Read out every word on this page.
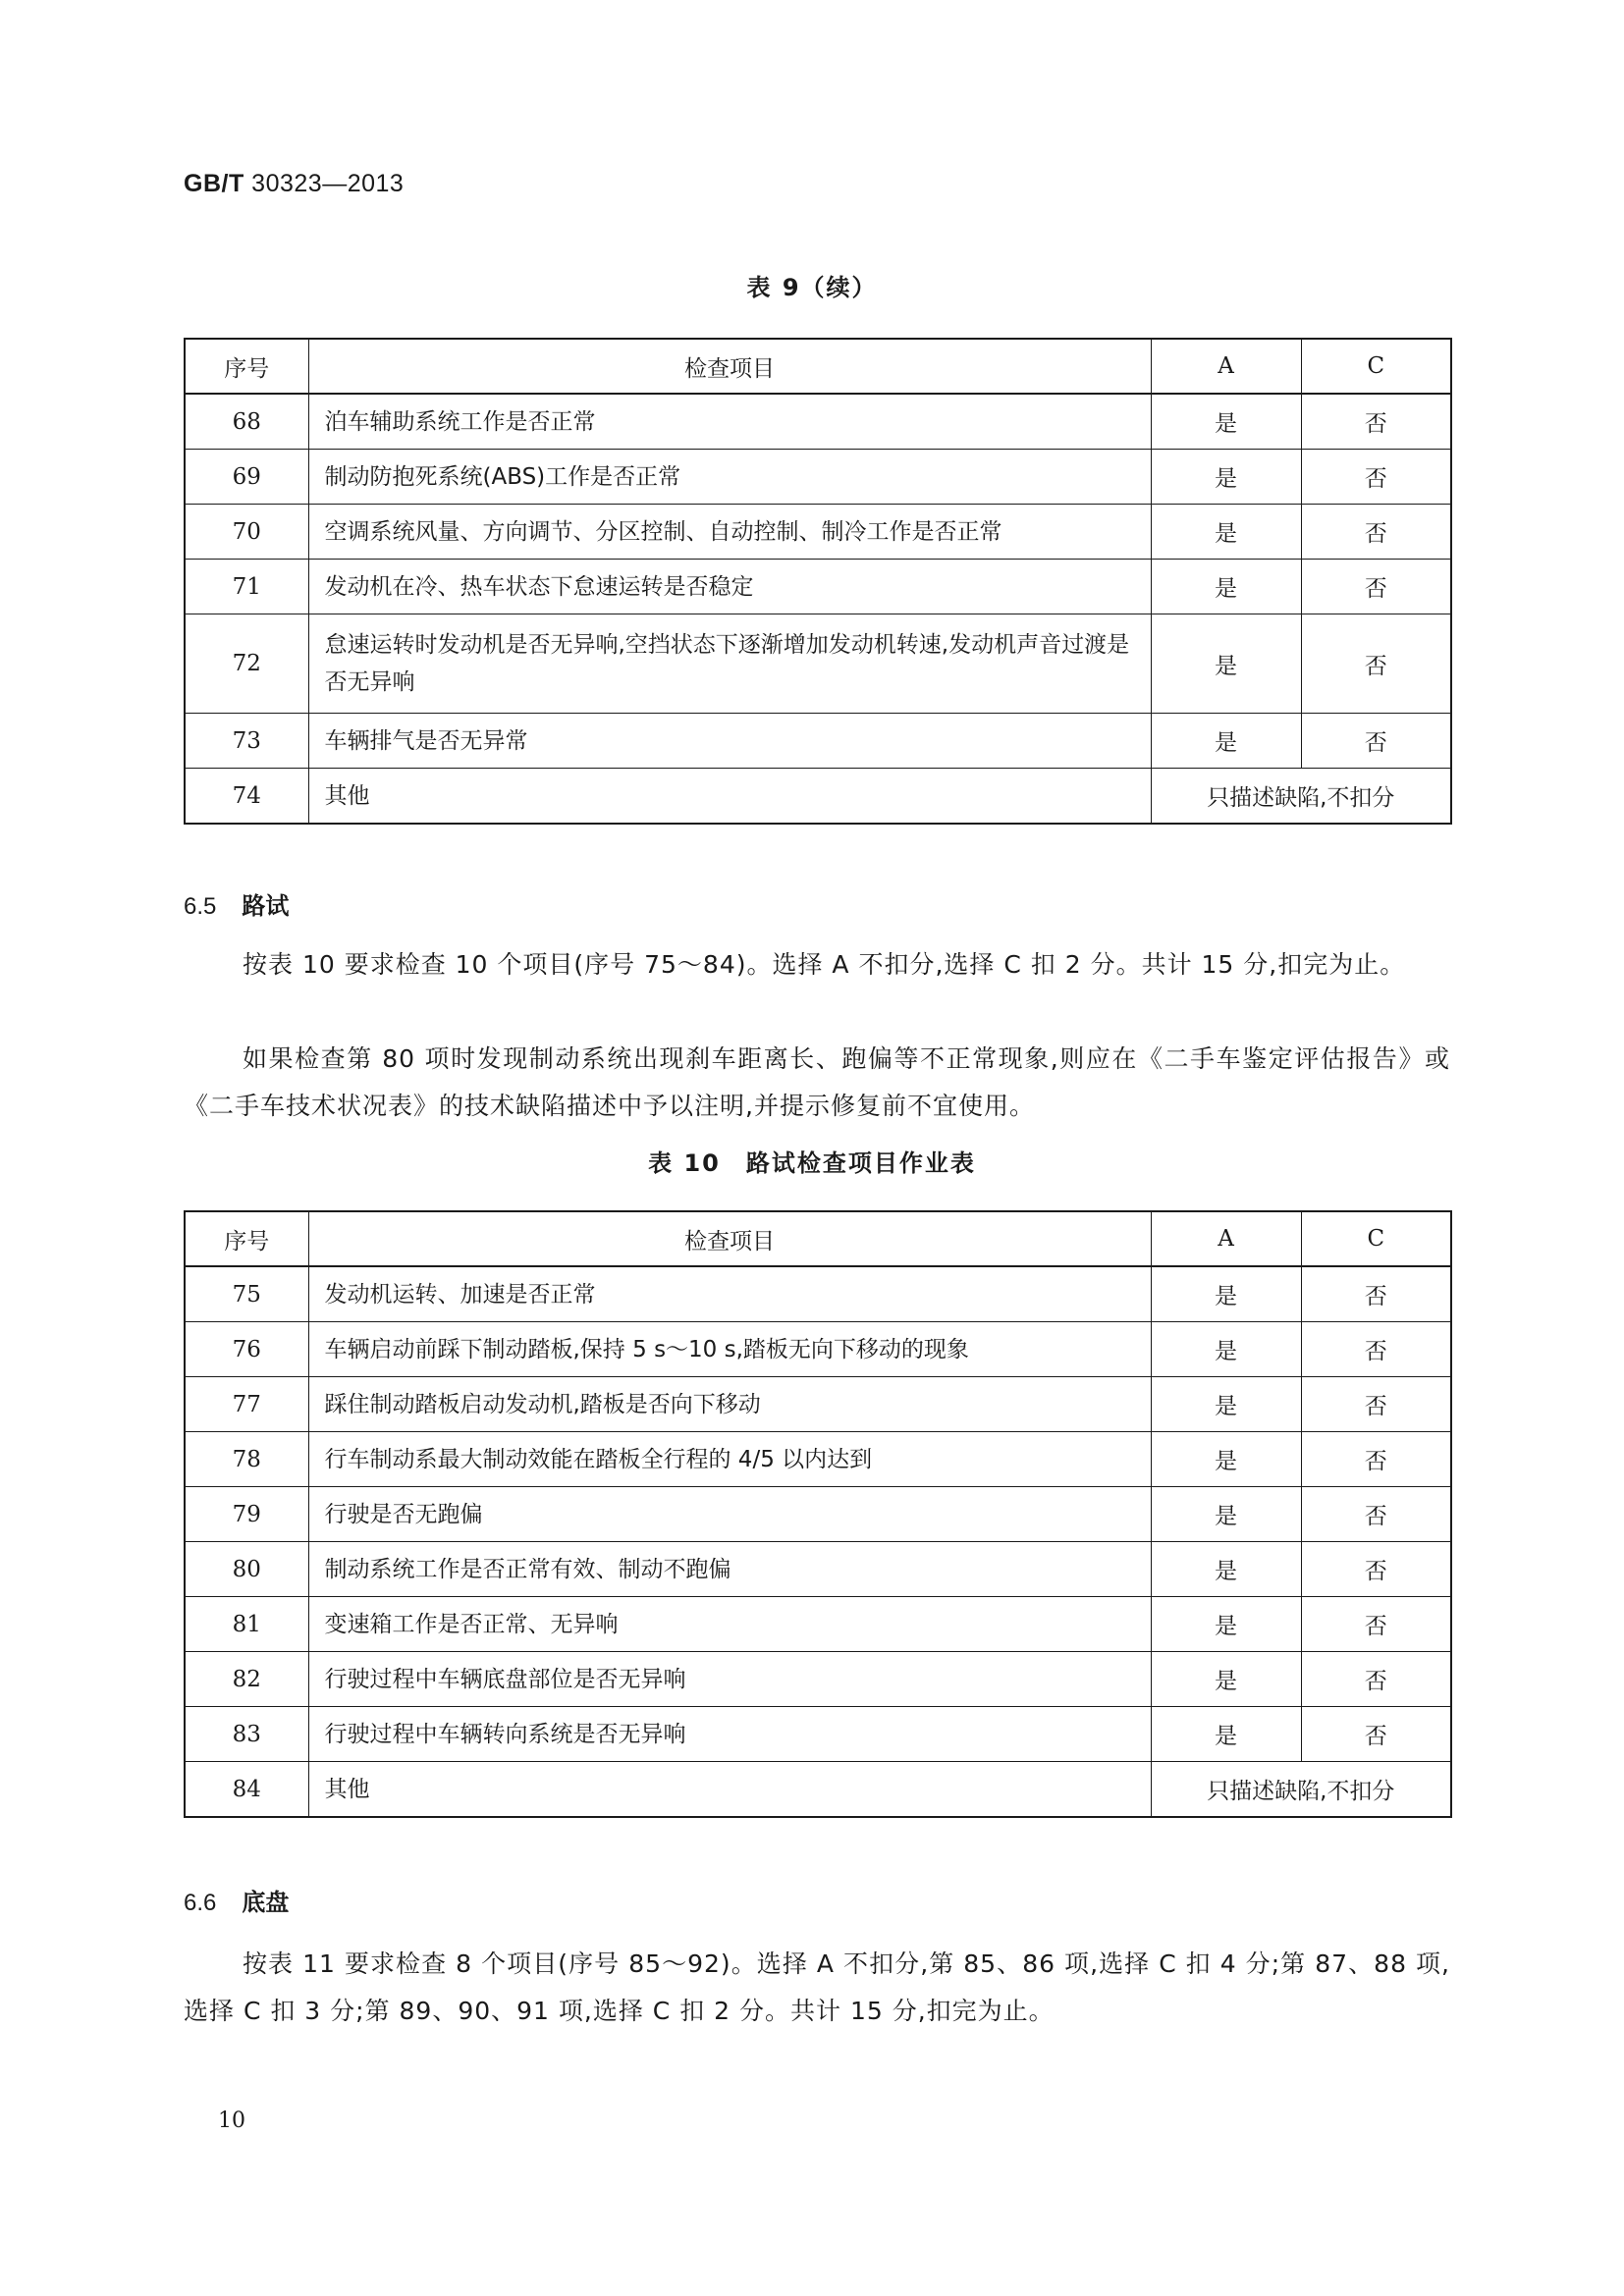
GB/T 30323—2013
表 9（续）
序号	检查项目	A	C
68	泊车辅助系统工作是否正常	是	否
69	制动防抱死系统(ABS)工作是否正常	是	否
70	空调系统风量、方向调节、分区控制、自动控制、制冷工作是否正常	是	否
71	发动机在冷、热车状态下怠速运转是否稳定	是	否
72	怠速运转时发动机是否无异响,空挡状态下逐渐增加发动机转速,发动机声音过渡是否无异响	是	否
73	车辆排气是否无异常	是	否
74	其他	只描述缺陷,不扣分	
6.5 路试
按表 10 要求检查 10 个项目(序号 75～84)。选择 A 不扣分,选择 C 扣 2 分。共计 15 分,扣完为止。
如果检查第 80 项时发现制动系统出现刹车距离长、跑偏等不正常现象,则应在《二手车鉴定评估报告》或《二手车技术状况表》的技术缺陷描述中予以注明,并提示修复前不宜使用。
表 10　路试检查项目作业表
序号	检查项目	A	C
75	发动机运转、加速是否正常	是	否
76	车辆启动前踩下制动踏板,保持 5 s～10 s,踏板无向下移动的现象	是	否
77	踩住制动踏板启动发动机,踏板是否向下移动	是	否
78	行车制动系最大制动效能在踏板全行程的 4/5 以内达到	是	否
79	行驶是否无跑偏	是	否
80	制动系统工作是否正常有效、制动不跑偏	是	否
81	变速箱工作是否正常、无异响	是	否
82	行驶过程中车辆底盘部位是否无异响	是	否
83	行驶过程中车辆转向系统是否无异响	是	否
84	其他	只描述缺陷,不扣分	
6.6 底盘
按表 11 要求检查 8 个项目(序号 85～92)。选择 A 不扣分,第 85、86 项,选择 C 扣 4 分;第 87、88 项,选择 C 扣 3 分;第 89、90、91 项,选择 C 扣 2 分。共计 15 分,扣完为止。
10
